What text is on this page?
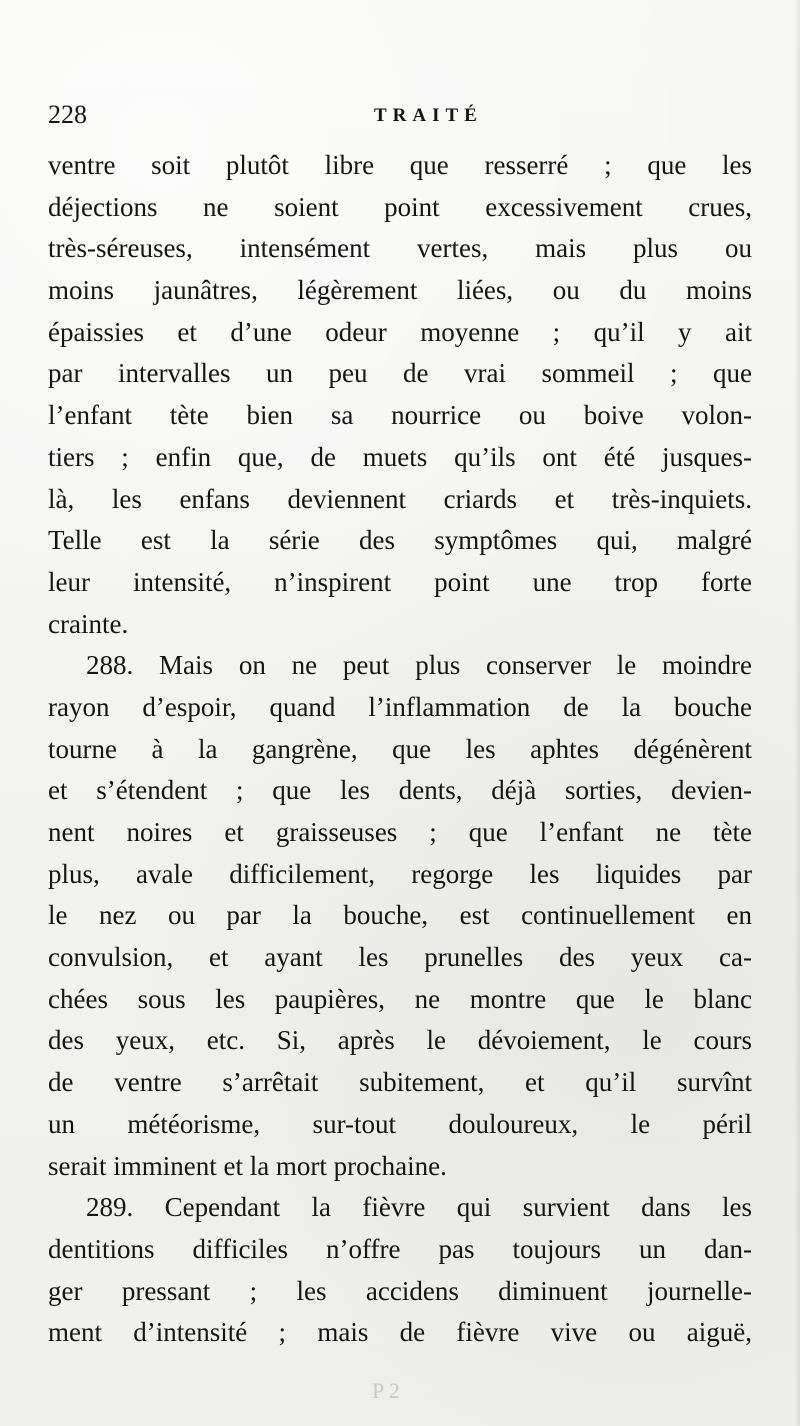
228	TRAITÉ
ventre soit plutôt libre que resserré ; que les
déjections ne soient point excessivement crues,
très-séreuses, intensément vertes, mais plus ou
moins jaunâtres, légèrement liées, ou du moins
épaissies et d’une odeur moyenne ; qu’il y ait
par intervalles un peu de vrai sommeil ; que
l’enfant tète bien sa nourrice ou boive volon-
tiers ; enfin que, de muets qu’ils ont été jusques-
là, les enfans deviennent criards et très-inquiets.
Telle est la série des symptômes qui, malgré
leur intensité, n’inspirent point une trop forte
crainte.
288. Mais on ne peut plus conserver le moindre
rayon d’espoir, quand l’inflammation de la bouche
tourne à la gangrène, que les aphtes dégénèrent
et s’étendent ; que les dents, déjà sorties, devien-
nent noires et graisseuses ; que l’enfant ne tète
plus, avale difficilement, regorge les liquides par
le nez ou par la bouche, est continuellement en
convulsion, et ayant les prunelles des yeux ca-
chées sous les paupières, ne montre que le blanc
des yeux, etc. Si, après le dévoiement, le cours
de ventre s’arrêtait subitement, et qu’il survînt
un météorisme, sur-tout douloureux, le péril
serait imminent et la mort prochaine.
289. Cependant la fièvre qui survient dans les
dentitions difficiles n’offre pas toujours un dan-
ger pressant ; les accidens diminuent journelle-
ment d’intensité ; mais de fièvre vive ou aiguë,
P 2
